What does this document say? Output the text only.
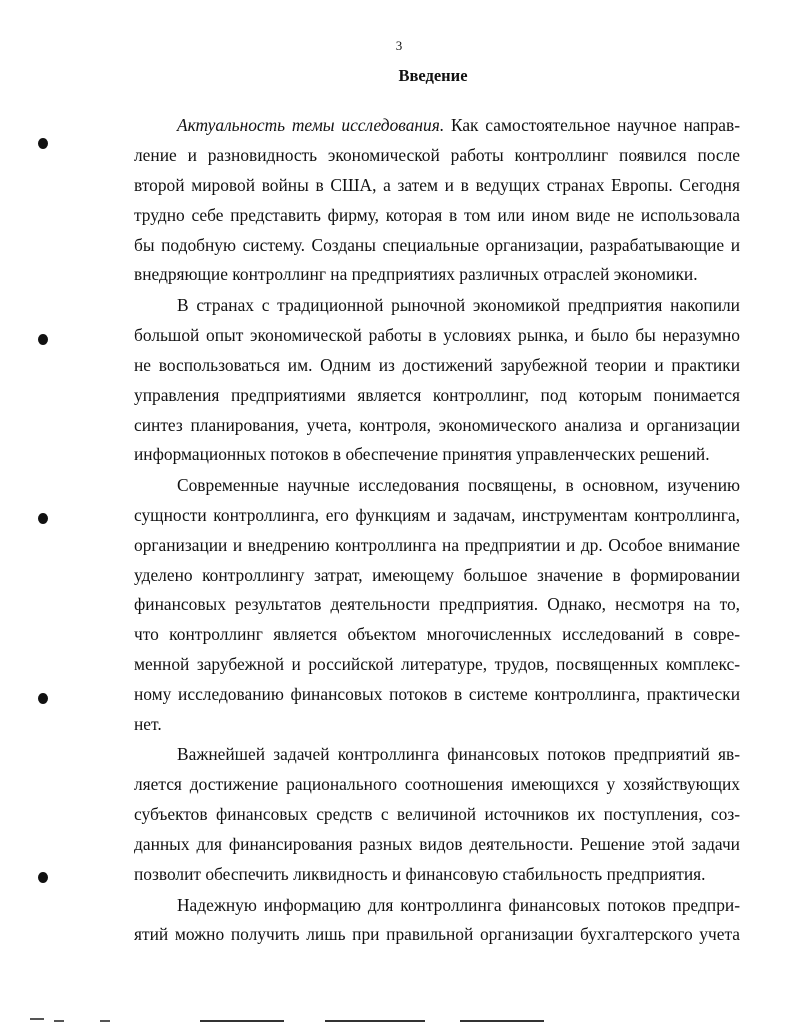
3
Введение
Актуальность темы исследования. Как самостоятельное научное направ-
ление и разновидность экономической работы контроллинг появился после
второй мировой войны в США, а затем и в ведущих странах Европы. Сегодня
трудно себе представить фирму, которая в том или ином виде не использовала
бы подобную систему. Созданы специальные организации, разрабатывающие и
внедряющие контроллинг на предприятиях различных отраслей экономики.
В странах с традиционной рыночной экономикой предприятия накопили
большой опыт экономической работы в условиях рынка, и было бы неразумно
не воспользоваться им. Одним из достижений зарубежной теории и практики
управления предприятиями является контроллинг, под которым понимается
синтез планирования, учета, контроля, экономического анализа и организации
информационных потоков в обеспечение принятия управленческих решений.
Современные научные исследования посвящены, в основном, изучению
сущности контроллинга, его функциям и задачам, инструментам контроллинга,
организации и внедрению контроллинга на предприятии и др. Особое внимание
уделено контроллингу затрат, имеющему большое значение в формировании
финансовых результатов деятельности предприятия. Однако, несмотря на то,
что контроллинг является объектом многочисленных исследований в совре-
менной зарубежной и российской литературе, трудов, посвященных комплекс-
ному исследованию финансовых потоков в системе контроллинга, практически
нет.
Важнейшей задачей контроллинга финансовых потоков предприятий яв-
ляется достижение рационального соотношения имеющихся у хозяйствующих
субъектов финансовых средств с величиной источников их поступления, соз-
данных для финансирования разных видов деятельности. Решение этой задачи
позволит обеспечить ликвидность и финансовую стабильность предприятия.
Надежную информацию для контроллинга финансовых потоков предпри-
ятий можно получить лишь при правильной организации бухгалтерского учета
